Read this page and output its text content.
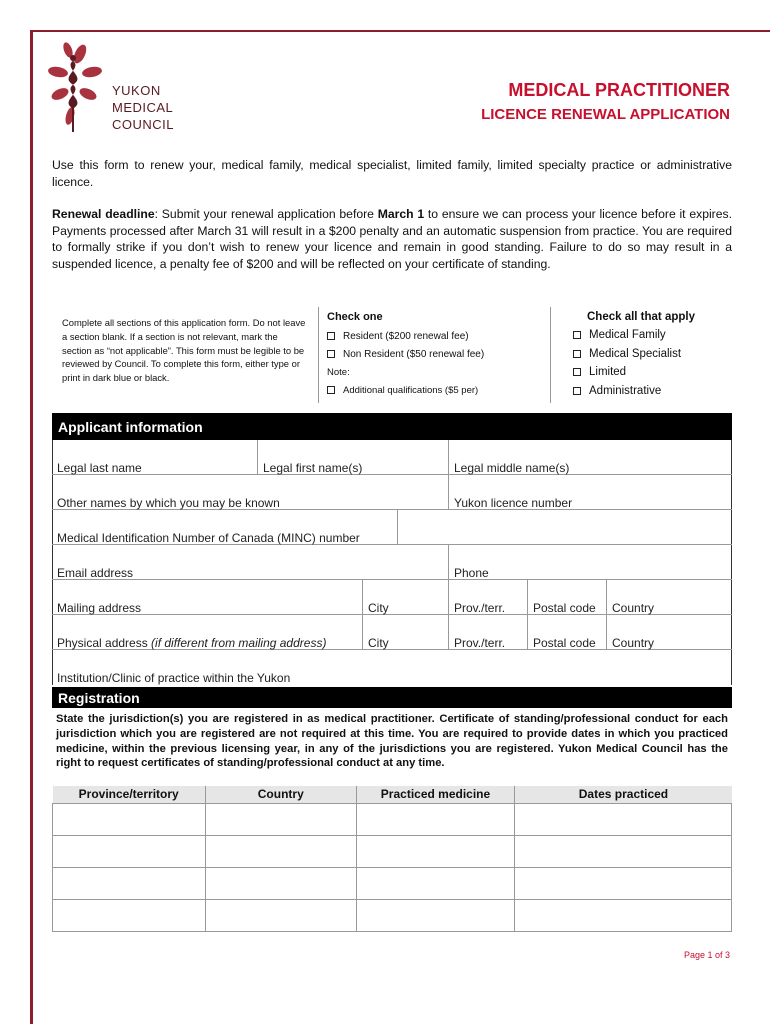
YUKON
MEDICAL
COUNCIL
MEDICAL PRACTITIONER
LICENCE RENEWAL APPLICATION

Use this form to renew your, medical family, medical specialist, limited family, limited specialty practice or administrative licence.

Renewal deadline: Submit your renewal application before March 1 to ensure we can process your licence before it expires. Payments processed after March 31 will result in a $200 penalty and an automatic suspension from practice. You are required to formally strike if you don’t wish to renew your licence and remain in good standing. Failure to do so may result in a suspended licence, a penalty fee of $200 and will be reflected on your certificate of standing.

Complete all sections of this application form. Do not leave a section blank. If a section is not relevant, mark the section as “not applicable”. This form must be legible to be reviewed by Council. To complete this form, either type or print in dark blue or black.

Check one
Resident ($200 renewal fee)
Non Resident ($50 renewal fee)
Note:
Additional qualifications ($5 per)
Check all that apply
Medical Family
Medical Specialist
Limited
Administrative
Applicant information
Legal last name	Legal first name(s)	Legal middle name(s)
Other names by which you may be known	Yukon licence number
Medical Identification Number of Canada (MINC) number
Email address	Phone
Mailing address	City	Prov./terr.	Postal code	Country
Physical address (if different from mailing address)	City	Prov./terr.	Postal code	Country
Institution/Clinic of practice within the Yukon
Registration

State the jurisdiction(s) you are registered in as medical practitioner. Certificate of standing/professional conduct for each jurisdiction which you are registered are not required at this time. You are required to provide dates in which you practiced medicine, within the previous licensing year, in any of the jurisdictions you are registered. Yukon Medical Council has the right to request certificates of standing/professional conduct at any time.

Province/territory	Country	Practiced medicine	Dates practiced

Page 1 of 3
